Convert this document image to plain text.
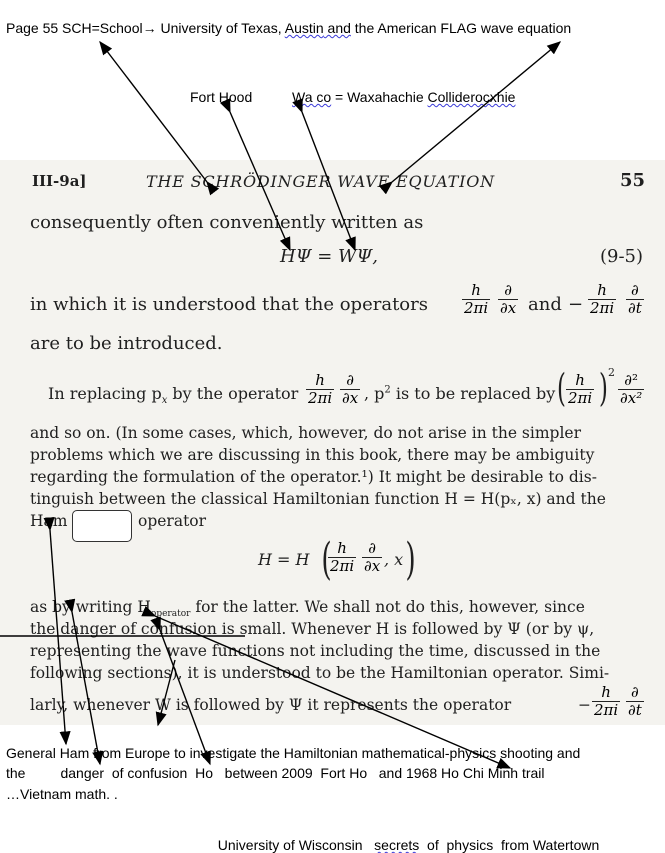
Page 55 SCH=School→ University of Texas, Austin and the American FLAG wave equation
Fort Hood	Wa co = Waxahachie Colliderocxhie
III-9a]	THE SCHRÖDINGER WAVE EQUATION	55
consequently often conveniently written as
HΨ = WΨ,	(9-5)
in which it is understood that the operators $\frac{h}{2\pi i}$ ∂
∂x and − $\frac{h}{2\pi i}$ ∂
∂t
are to be introduced.
In replacing $p_x$ by the operator $\frac{h}{2\pi i}$ ∂
∂x , $p^2$ is to be replaced by ( $\frac{h}{2\pi i}$ ) 2 ∂²
∂x²
and so on. (In some cases, which, however, do not arise in the simpler
problems which we are discussing in this book, there may be ambiguity
regarding the formulation of the operator.¹) It might be desirable to dis-
tinguish between the classical Hamiltonian function H = H(pₓ, x) and the
Ham	operator
H = H (
$\frac{h}{2\pi i}$ ∂
∂x , x )
as by writing $H_{operator}$ for the latter. We shall not do this, however, since
the danger of confusion is small. Whenever H is followed by Ψ (or by ψ,
representing the wave functions not including the time, discussed in the
following sections), it is understood to be the Hamiltonian operator. Simi-
larly, whenever W is followed by Ψ it represents the operator	− $\frac{h}{2\pi i}$ ∂
∂t
General Ham from Europe to investigate the Hamiltonian mathematical-physics shooting and
the         danger  of confusion  Ho   between 2009  Fort Ho   and 1968 Ho Chi Minh trail
…Vietnam math. .

University of Wisconsin   secrets  of  physics  from Watertown
